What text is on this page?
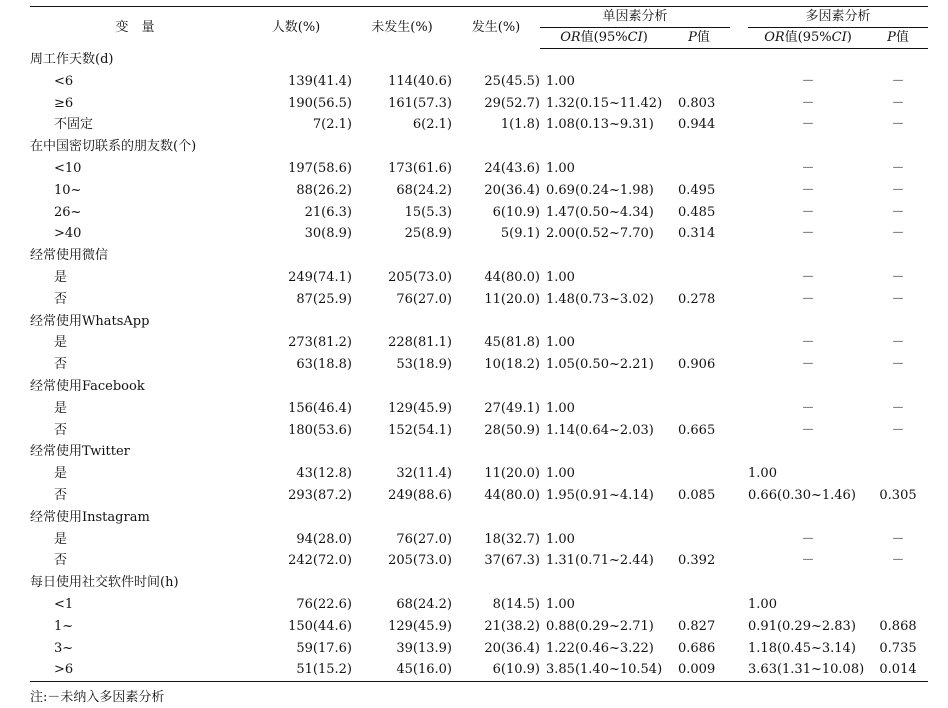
变　量	人数(%)	未发生(%)	发生(%)	单因素分析			多因素分析	
				OR值(95%CI)	P值		OR值(95%CI)	P值
周工作天数(d)								
<6	139(41.4)	114(40.6)	25(45.5)	1.00			－	－
≥6	190(56.5)	161(57.3)	29(52.7)	1.32(0.15~11.42)	0.803		－	－
不固定	7(2.1)	6(2.1)	1(1.8)	1.08(0.13~9.31)	0.944		－	－
在中国密切联系的朋友数(个)								
<10	197(58.6)	173(61.6)	24(43.6)	1.00			－	－
10~	88(26.2)	68(24.2)	20(36.4)	0.69(0.24~1.98)	0.495		－	－
26~	21(6.3)	15(5.3)	6(10.9)	1.47(0.50~4.34)	0.485		－	－
>40	30(8.9)	25(8.9)	5(9.1)	2.00(0.52~7.70)	0.314		－	－
经常使用微信								
是	249(74.1)	205(73.0)	44(80.0)	1.00			－	－
否	87(25.9)	76(27.0)	11(20.0)	1.48(0.73~3.02)	0.278		－	－
经常使用WhatsApp								
是	273(81.2)	228(81.1)	45(81.8)	1.00			－	－
否	63(18.8)	53(18.9)	10(18.2)	1.05(0.50~2.21)	0.906		－	－
经常使用Facebook								
是	156(46.4)	129(45.9)	27(49.1)	1.00			－	－
否	180(53.6)	152(54.1)	28(50.9)	1.14(0.64~2.03)	0.665		－	－
经常使用Twitter								
是	43(12.8)	32(11.4)	11(20.0)	1.00			1.00	
否	293(87.2)	249(88.6)	44(80.0)	1.95(0.91~4.14)	0.085		0.66(0.30~1.46)	0.305
经常使用Instagram								
是	94(28.0)	76(27.0)	18(32.7)	1.00			－	－
否	242(72.0)	205(73.0)	37(67.3)	1.31(0.71~2.44)	0.392		－	－
每日使用社交软件时间(h)								
<1	76(22.6)	68(24.2)	8(14.5)	1.00			1.00	
1~	150(44.6)	129(45.9)	21(38.2)	0.88(0.29~2.71)	0.827		0.91(0.29~2.83)	0.868
3~	59(17.6)	39(13.9)	20(36.4)	1.22(0.46~3.22)	0.686		1.18(0.45~3.14)	0.735
>6	51(15.2)	45(16.0)	6(10.9)	3.85(1.40~10.54)	0.009		3.63(1.31~10.08)	0.014
注:－未纳入多因素分析
